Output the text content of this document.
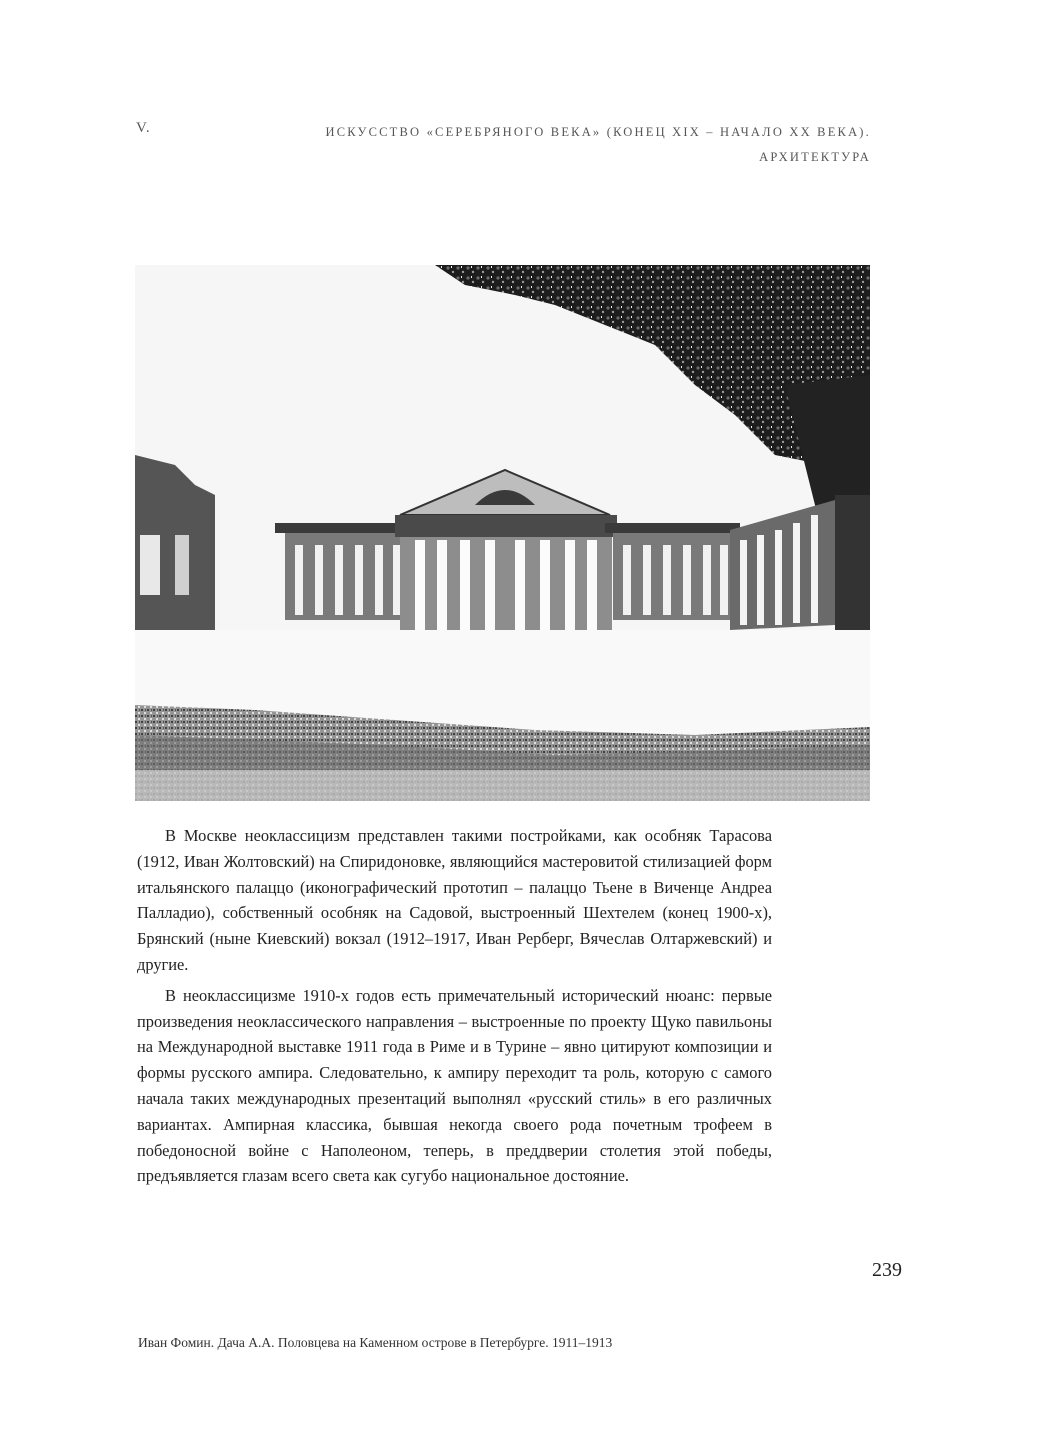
V.	ИСКУССТВО «СЕРЕБРЯНОГО ВЕКА» (КОНЕЦ XIX – НАЧАЛО XX ВЕКА).
АРХИТЕКТУРА

В Москве неоклассицизм представлен такими постройками, как особняк Тарасова (1912, Иван Жолтовский) на Спиридоновке, являющийся мастеровитой стилизацией форм итальянского палаццо (иконографический прототип – палаццо Тьене в Виченце Андреа Палладио), собственный особняк на Садовой, выстроенный Шехтелем (конец 1900-х), Брянский (ныне Киевский) вокзал (1912–1917, Иван Рерберг, Вячеслав Олтаржевский) и другие.

В неоклассицизме 1910-х годов есть примечательный исторический нюанс: первые произведения неоклассического направления – выстроенные по проекту Щуко павильоны на Международной выставке 1911 года в Риме и в Турине – явно цитируют композиции и формы русского ампира. Следовательно, к ампиру переходит та роль, которую с самого начала таких международных презентаций выполнял «русский стиль» в его различных вариантах. Ампирная классика, бывшая некогда своего рода почетным трофеем в победоносной войне с Наполеоном, теперь, в преддверии столетия этой победы, предъявляется глазам всего света как сугубо национальное достояние.

239
Иван Фомин. Дача А.А. Половцева на Каменном острове в Петербурге. 1911–1913
